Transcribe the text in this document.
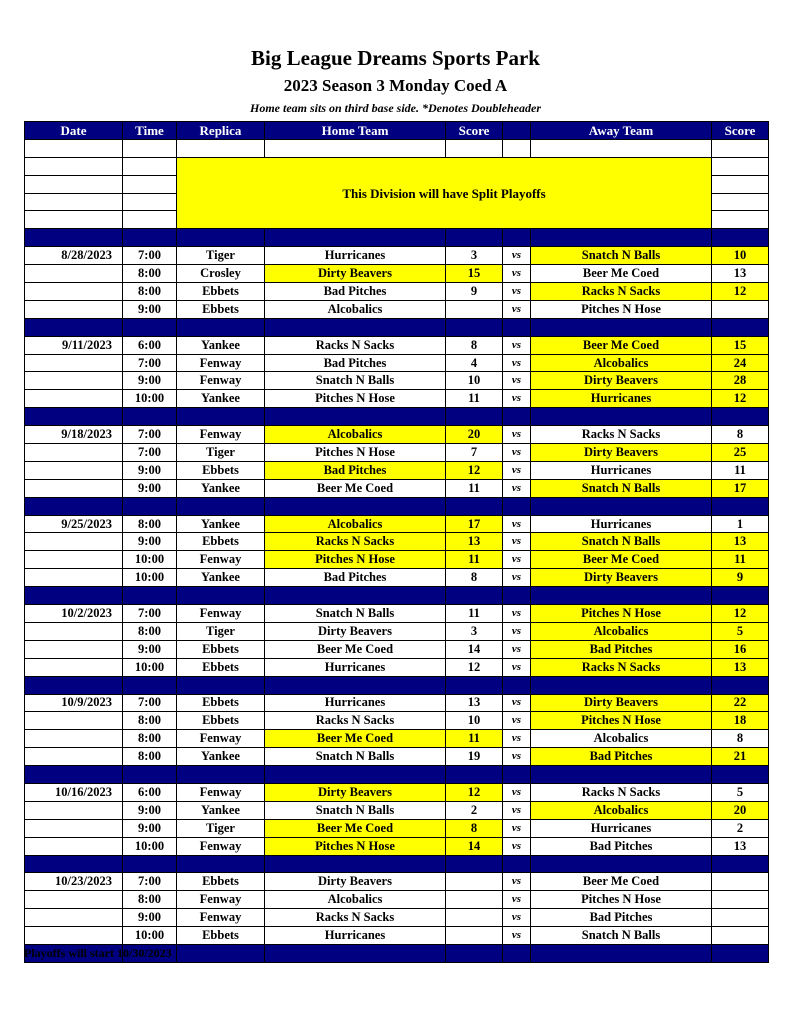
Big League Dreams Sports Park
2023 Season 3 Monday Coed A
Home team sits on third base side. *Denotes Doubleheader
Date	Time	Replica	Home Team	Score		Away Team	Score

		This Division will have Split Playoffs					

8/28/2023	7:00	Tiger	Hurricanes	3	vs	Snatch N Balls	10
	8:00	Crosley	Dirty Beavers	15	vs	Beer Me Coed	13
	8:00	Ebbets	Bad Pitches	9	vs	Racks N Sacks	12
	9:00	Ebbets	Alcobalics		vs	Pitches N Hose	

9/11/2023	6:00	Yankee	Racks N Sacks	8	vs	Beer Me Coed	15
	7:00	Fenway	Bad Pitches	4	vs	Alcobalics	24
	9:00	Fenway	Snatch N Balls	10	vs	Dirty Beavers	28
	10:00	Yankee	Pitches N Hose	11	vs	Hurricanes	12

9/18/2023	7:00	Fenway	Alcobalics	20	vs	Racks N Sacks	8
	7:00	Tiger	Pitches N Hose	7	vs	Dirty Beavers	25
	9:00	Ebbets	Bad Pitches	12	vs	Hurricanes	11
	9:00	Yankee	Beer Me Coed	11	vs	Snatch N Balls	17

9/25/2023	8:00	Yankee	Alcobalics	17	vs	Hurricanes	1
	9:00	Ebbets	Racks N Sacks	13	vs	Snatch N Balls	13
	10:00	Fenway	Pitches N Hose	11	vs	Beer Me Coed	11
	10:00	Yankee	Bad Pitches	8	vs	Dirty Beavers	9

10/2/2023	7:00	Fenway	Snatch N Balls	11	vs	Pitches N Hose	12
	8:00	Tiger	Dirty Beavers	3	vs	Alcobalics	5
	9:00	Ebbets	Beer Me Coed	14	vs	Bad Pitches	16
	10:00	Ebbets	Hurricanes	12	vs	Racks N Sacks	13

10/9/2023	7:00	Ebbets	Hurricanes	13	vs	Dirty Beavers	22
	8:00	Ebbets	Racks N Sacks	10	vs	Pitches N Hose	18
	8:00	Fenway	Beer Me Coed	11	vs	Alcobalics	8
	8:00	Yankee	Snatch N Balls	19	vs	Bad Pitches	21

10/16/2023	6:00	Fenway	Dirty Beavers	12	vs	Racks N Sacks	5
	9:00	Yankee	Snatch N Balls	2	vs	Alcobalics	20
	9:00	Tiger	Beer Me Coed	8	vs	Hurricanes	2
	10:00	Fenway	Pitches N Hose	14	vs	Bad Pitches	13

10/23/2023	7:00	Ebbets	Dirty Beavers		vs	Beer Me Coed	
	8:00	Fenway	Alcobalics		vs	Pitches N Hose	
	9:00	Fenway	Racks N Sacks		vs	Bad Pitches	
	10:00	Ebbets	Hurricanes		vs	Snatch N Balls	

Playoffs will start 10/30/2023
